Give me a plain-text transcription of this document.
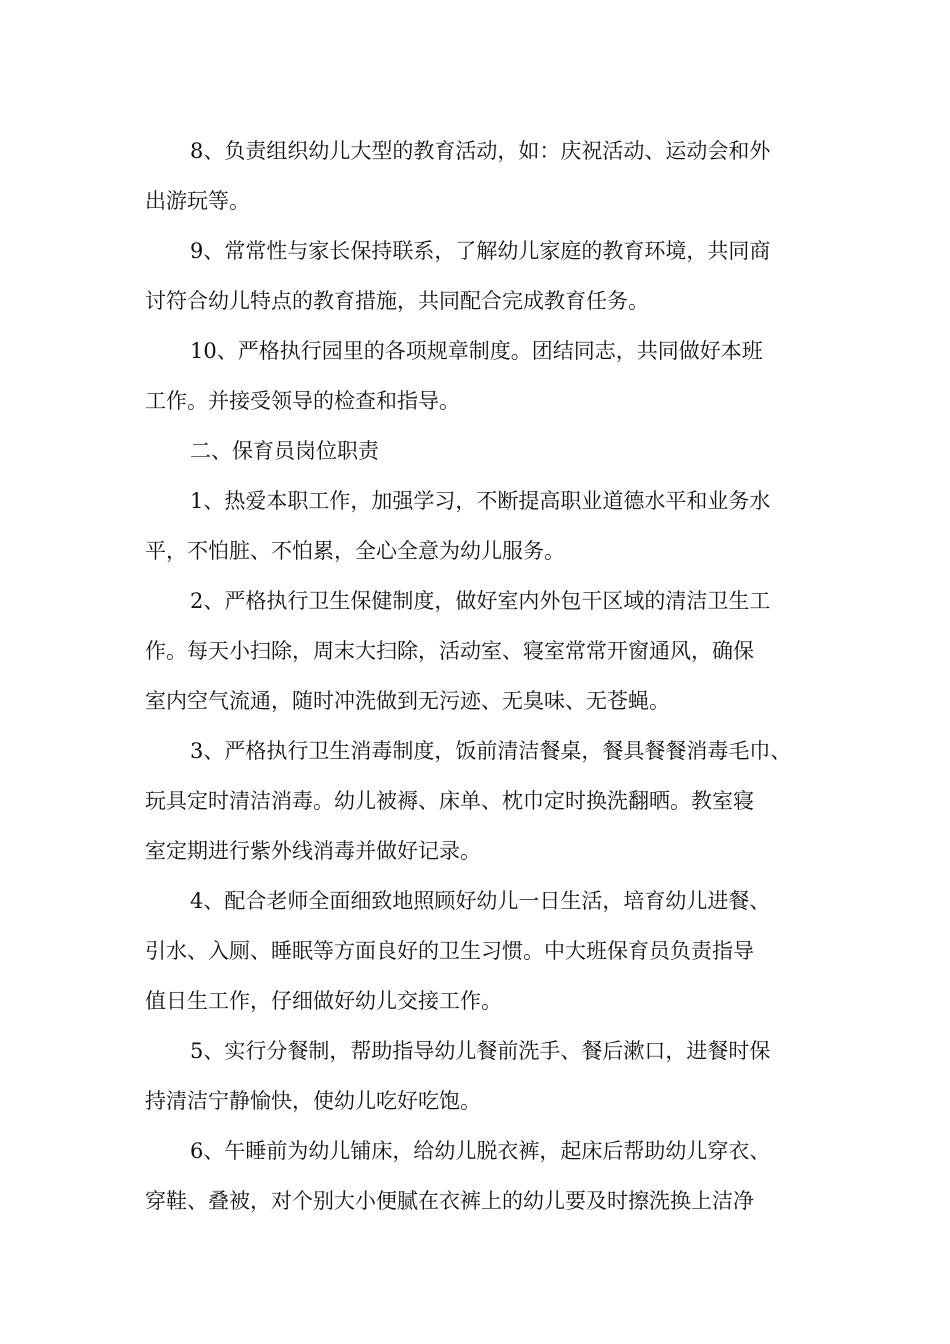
8、负责组织幼儿大型的教育活动，如：庆祝活动、运动会和外
出游玩等。
9、常常性与家长保持联系，了解幼儿家庭的教育环境，共同商
讨符合幼儿特点的教育措施，共同配合完成教育任务。
10、严格执行园里的各项规章制度。团结同志，共同做好本班
工作。并接受领导的检查和指导。
二、保育员岗位职责
1、热爱本职工作，加强学习，不断提高职业道德水平和业务水
平，不怕脏、不怕累，全心全意为幼儿服务。
2、严格执行卫生保健制度，做好室内外包干区域的清洁卫生工
作。每天小扫除，周末大扫除，活动室、寝室常常开窗通风，确保
室内空气流通，随时冲洗做到无污迹、无臭味、无苍蝇。
3、严格执行卫生消毒制度，饭前清洁餐桌，餐具餐餐消毒毛巾、
玩具定时清洁消毒。幼儿被褥、床单、枕巾定时换洗翻晒。教室寝
室定期进行紫外线消毒并做好记录。
4、配合老师全面细致地照顾好幼儿一日生活，培育幼儿进餐、
引水、入厕、睡眠等方面良好的卫生习惯。中大班保育员负责指导
值日生工作，仔细做好幼儿交接工作。
5、实行分餐制，帮助指导幼儿餐前洗手、餐后漱口，进餐时保
持清洁宁静愉快，使幼儿吃好吃饱。
6、午睡前为幼儿铺床，给幼儿脱衣裤，起床后帮助幼儿穿衣、
穿鞋、叠被，对个别大小便腻在衣裤上的幼儿要及时擦洗换上洁净
